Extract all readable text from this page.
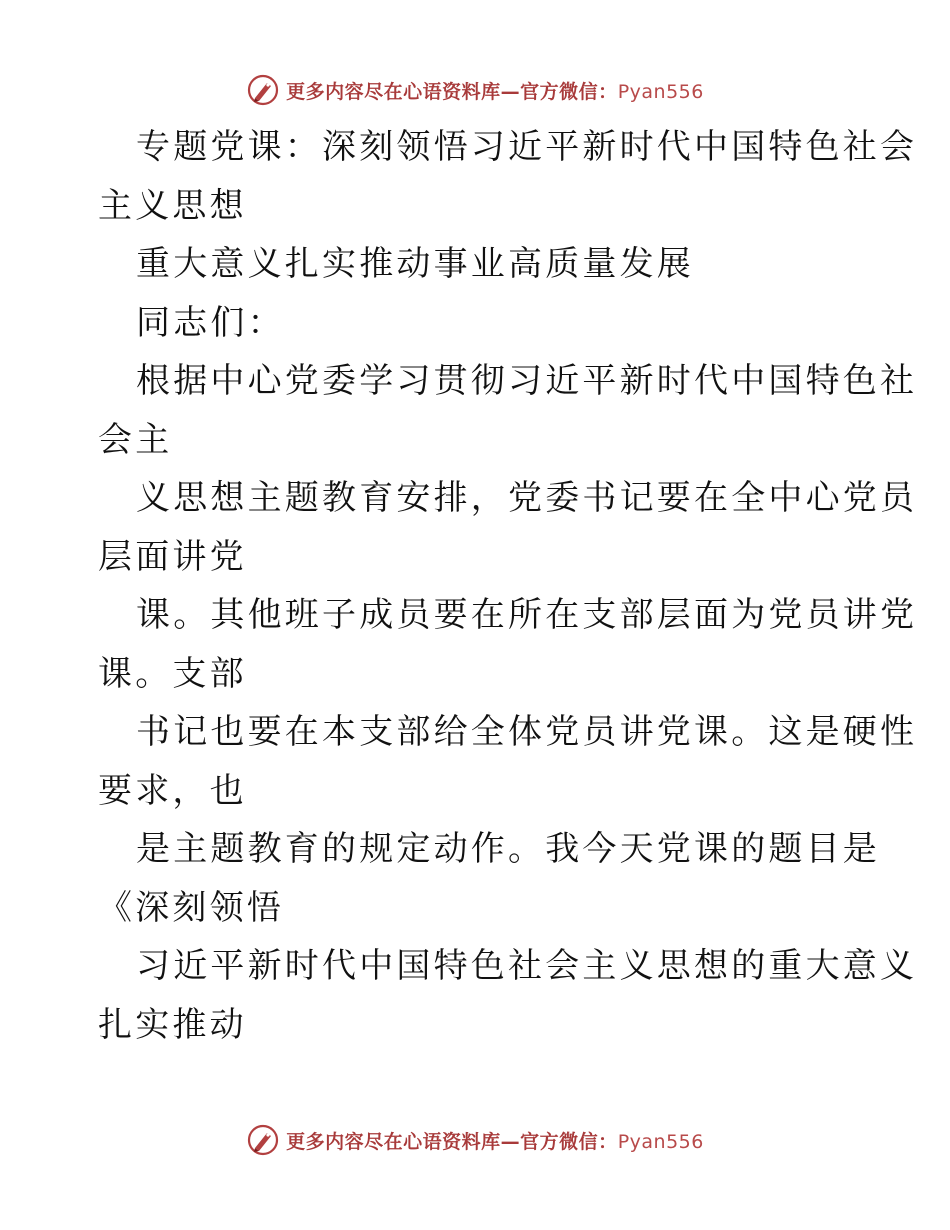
更多内容尽在心语资料库—官方微信：Pyan556
专题党课：深刻领悟习近平新时代中国特色社会
主义思想
重大意义扎实推动事业高质量发展
同志们：
根据中心党委学习贯彻习近平新时代中国特色社
会主
义思想主题教育安排，党委书记要在全中心党员
层面讲党
课。其他班子成员要在所在支部层面为党员讲党
课。支部
书记也要在本支部给全体党员讲党课。这是硬性
要求，也
是主题教育的规定动作。我今天党课的题目是
《深刻领悟
习近平新时代中国特色社会主义思想的重大意义
扎实推动
更多内容尽在心语资料库—官方微信：Pyan556
